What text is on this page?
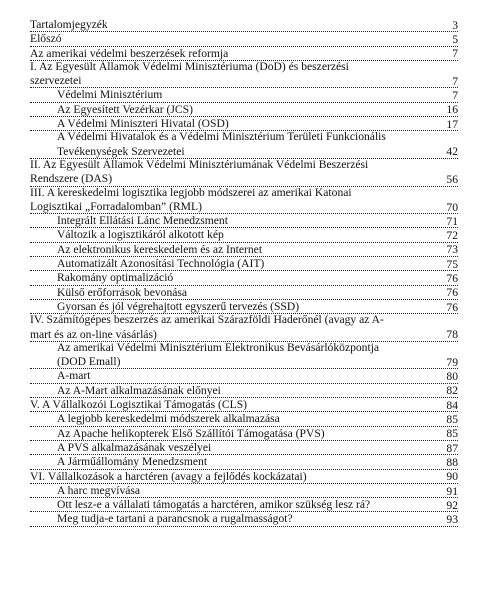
Tartalomjegyzék	3
Előszó	5
Az amerikai védelmi beszerzések reformja	7
I. Az Egyesült Államok Védelmi Minisztériuma (DoD) és beszerzési
szervezetei	7
Védelmi Minisztérium	7
Az Egyesített Vezérkar (JCS)	16
A Védelmi Miniszteri Hivatal (OSD)	17
A Védelmi Hivatalok és a Védelmi Minisztérium Területi Funkcionális
Tevékenységek Szervezetei	42
II. Az Egyesült Államok Védelmi Minisztériumának Védelmi Beszerzési
Rendszere (DAS)	56
III. A kereskedelmi logisztika legjobb módszerei az amerikai Katonai
Logisztikai „Forradalomban” (RML)	70
Integrált Ellátási Lánc Menedzsment	71
Változik a logisztikáról alkotott kép	72
Az elektronikus kereskedelem és az Internet	73
Automatizált Azonosítási Technológia (AIT)	75
Rakomány optimalizáció	76
Külső erőforrások bevonása	76
Gyorsan és jól végrehajtott egyszerű tervezés (SSD)	76
IV. Számítógépes beszerzés az amerikai Szárazföldi Haderőnél (avagy az A-
mart és az on-line vásárlás)	78
Az amerikai Védelmi Minisztérium Elektronikus Bevásárlóközpontja
(DOD Emall)	79
A-mart	80
Az A-Mart alkalmazásának előnyei	82
V. A Vállalkozói Logisztikai Támogatás (CLS)	84
A legjobb kereskedelmi módszerek alkalmazása	85
Az Apache helikopterek Első Szállítói Támogatása (PVS)	85
A PVS alkalmazásának veszélyei	87
A Járműállomány Menedzsment	88
VI. Vállalkozások a harctéren (avagy a fejlődés kockázatai)	90
A harc megvívása	91
Ott lesz-e a vállalati támogatás a harctéren, amikor szükség lesz rá?	92
Meg tudja-e tartani a parancsnok a rugalmasságot?	93
